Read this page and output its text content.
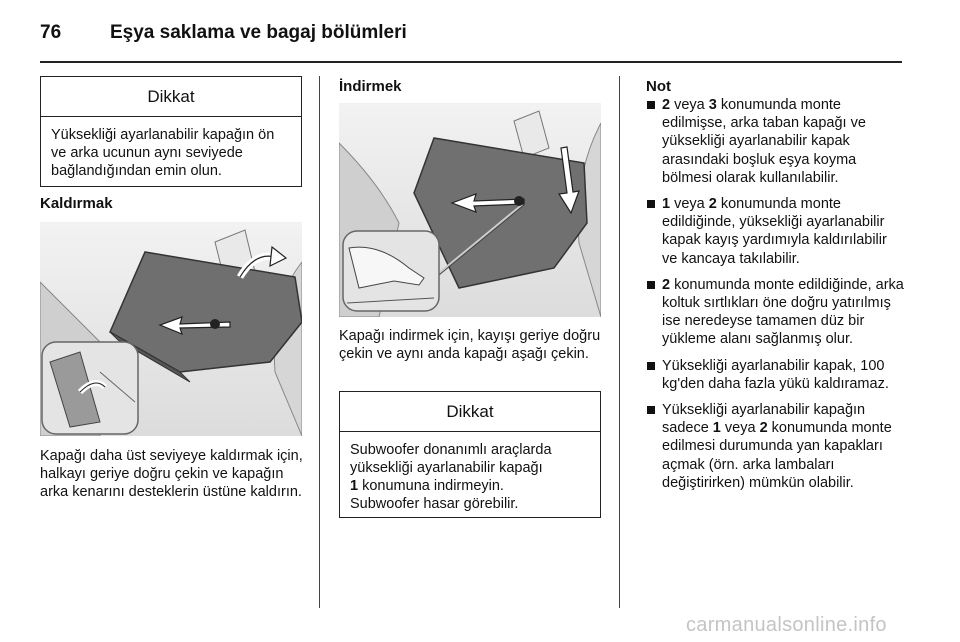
76	Eşya saklama ve bagaj bölümleri
Dikkat
Yüksekliği ayarlanabilir kapağın ön ve arka ucunun aynı seviyede bağlandığından emin olun.
Kaldırmak
Kapağı daha üst seviyeye kaldırmak için, halkayı geriye doğru çekin ve kapağın arka kenarını desteklerin üstüne kaldırın.
İndirmek
Kapağı indirmek için, kayışı geriye doğru çekin ve aynı anda kapağı aşağı çekin.
Dikkat
Subwoofer donanımlı araçlarda yüksekliği ayarlanabilir kapağı
1 konumuna indirmeyin.
Subwoofer hasar görebilir.
Not
2 veya 3 konumunda monte edilmişse, arka taban kapağı ve yüksekliği ayarlanabilir kapak arasındaki boşluk eşya koyma bölmesi olarak kullanılabilir.
1 veya 2 konumunda monte edildiğinde, yüksekliği ayarlanabilir kapak kayış yardımıyla kaldırılabilir ve kancaya takılabilir.
2 konumunda monte edildiğinde, arka koltuk sırtlıkları öne doğru yatırılmış ise neredeyse tamamen düz bir yükleme alanı sağlanmış olur.
Yüksekliği ayarlanabilir kapak, 100 kg'den daha fazla yükü kaldıramaz.
Yüksekliği ayarlanabilir kapağın sadece 1 veya 2 konumunda monte edilmesi durumunda yan kapakları açmak (örn. arka lambaları değiştirirken) mümkün olabilir.
carmanualsonline.info
